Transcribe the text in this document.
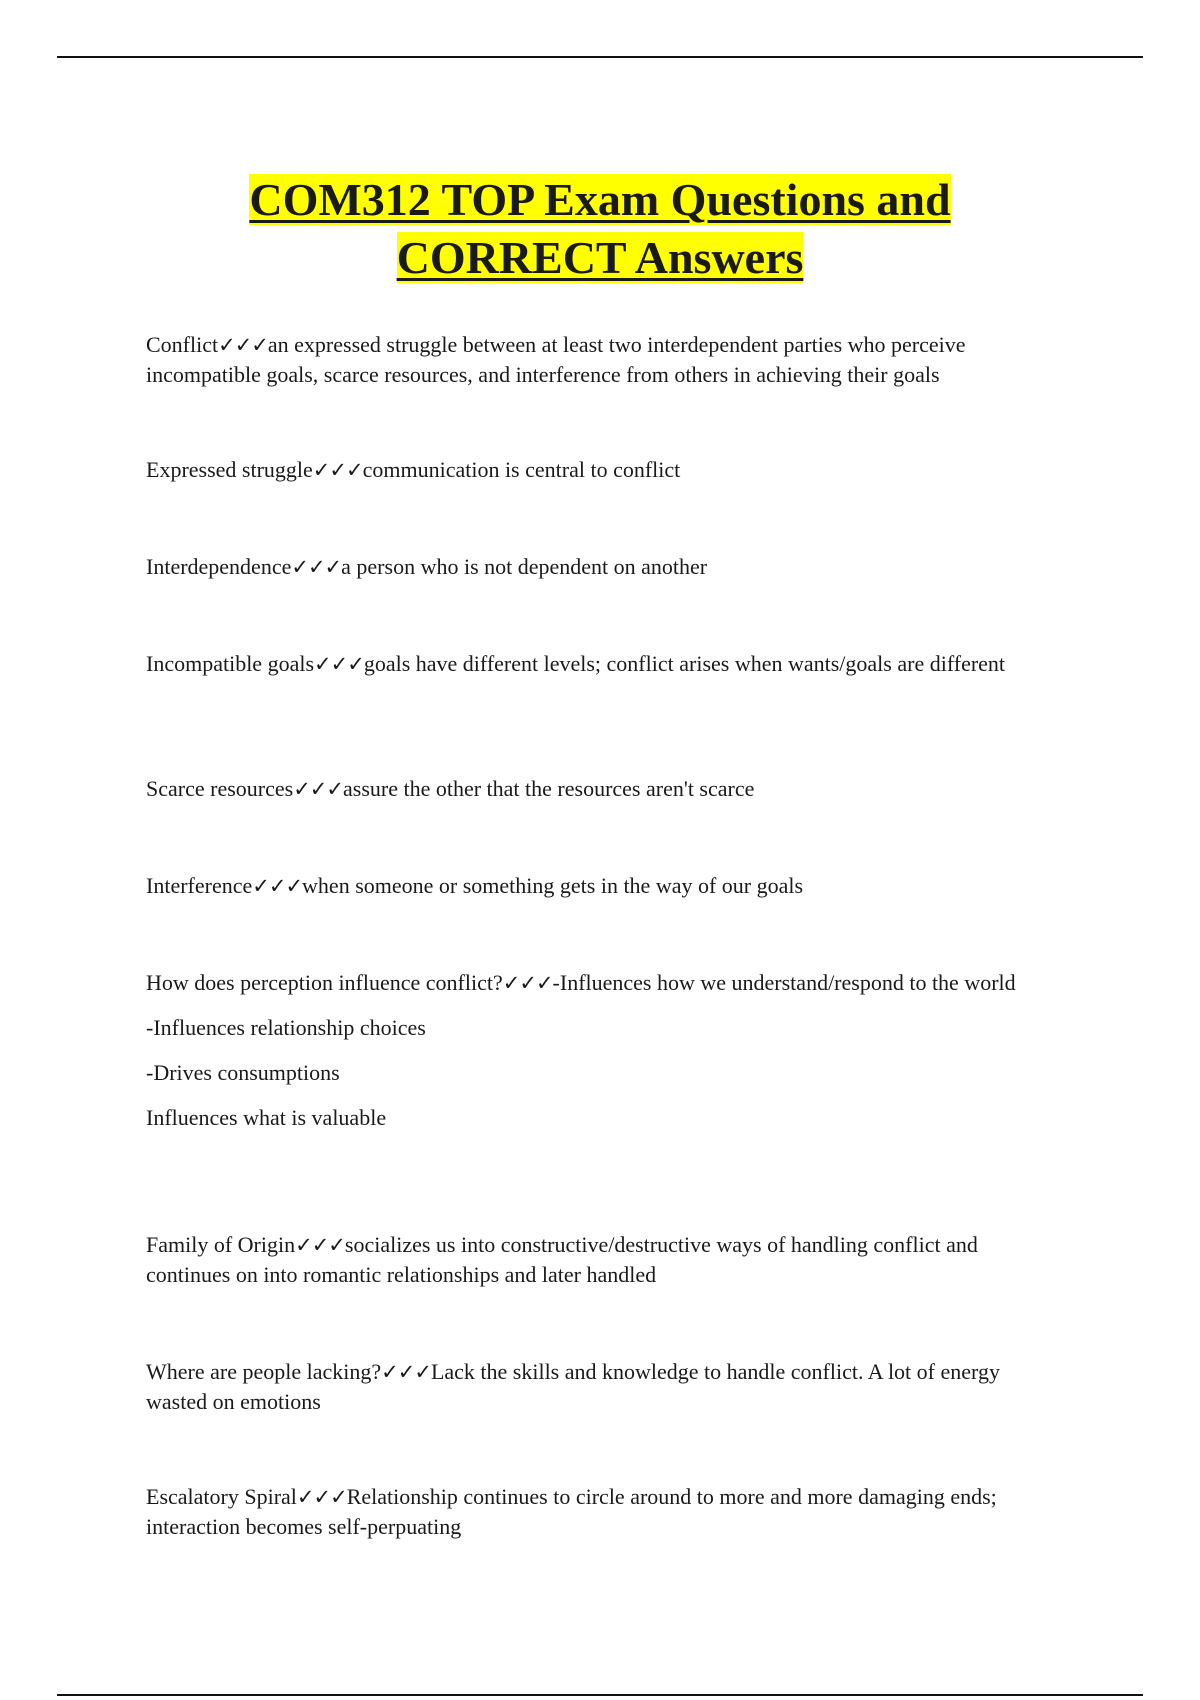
COM312 TOP Exam Questions and
CORRECT Answers

Conflict✓✓✓an expressed struggle between at least two interdependent parties who perceive incompatible goals, scarce resources, and interference from others in achieving their goals

Expressed struggle✓✓✓communication is central to conflict

Interdependence✓✓✓a person who is not dependent on another

Incompatible goals✓✓✓goals have different levels; conflict arises when wants/goals are different

Scarce resources✓✓✓assure the other that the resources aren't scarce

Interference✓✓✓when someone or something gets in the way of our goals

How does perception influence conflict?✓✓✓-Influences how we understand/respond to the world

-Influences relationship choices

-Drives consumptions

Influences what is valuable

Family of Origin✓✓✓socializes us into constructive/destructive ways of handling conflict and continues on into romantic relationships and later handled

Where are people lacking?✓✓✓Lack the skills and knowledge to handle conflict. A lot of energy wasted on emotions

Escalatory Spiral✓✓✓Relationship continues to circle around to more and more damaging ends; interaction becomes self-perpuating
